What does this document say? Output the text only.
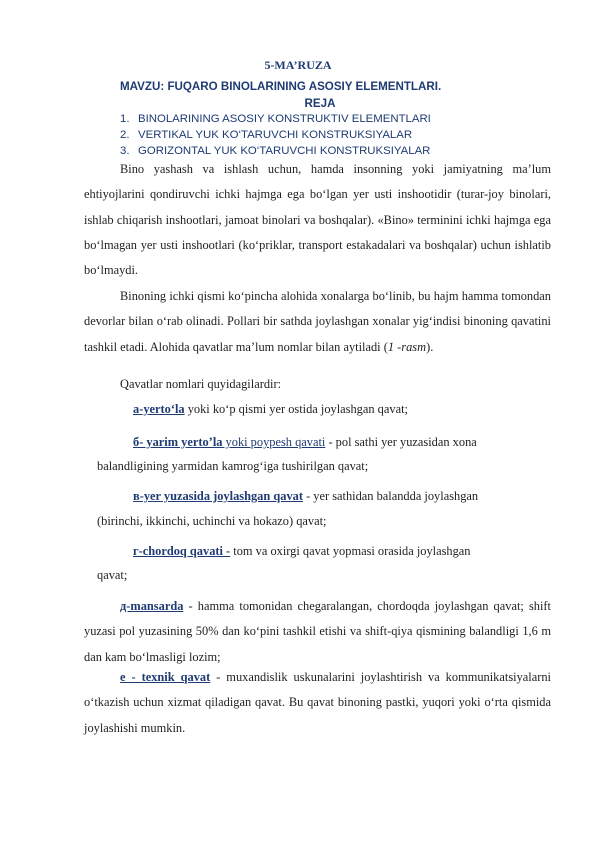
5-MA’RUZA
MAVZU: FUQARO BINOLARINING ASOSIY ELEMENTLARI.
REJA
1. BINOLARINING ASOSIY KONSTRUKTIV ELEMENTLARI
2. VERTIKAL YUK KO‘TARUVCHI KONSTRUKSIYALAR
3. GORIZONTAL YUK KO‘TARUVCHI KONSTRUKSIYALAR
Bino yashash va ishlash uchun, hamda insonning yoki jamiyatning ma’lum ehtiyojlarini qondiruvchi ichki hajmga ega bo‘lgan yer usti inshootidir (turar-joy binolari, ishlab chiqarish inshootlari, jamoat binolari va boshqalar). «Bino» terminini ichki hajmga ega bo‘lmagan yer usti inshootlari (ko‘priklar, transport estakadalari va boshqalar) uchun ishlatib bo‘lmaydi.
Binoning ichki qismi ko‘pincha alohida xonalarga bo‘linib, bu hajm hamma tomondan devorlar bilan o‘rab olinadi. Pollari bir sathda joylashgan xonalar yig‘indisi binoning qavatini tashkil etadi. Alohida qavatlar ma’lum nomlar bilan aytiladi (1 -rasm).
Qavatlar nomlari quyidagilardir:
a-yerto‘la yoki ko‘p qismi yer ostida joylashgan qavat;
б- yarim yerto’la yoki poypesh qavati - pol sathi yer yuzasidan xona
balandligining yarmidan kamrog‘iga tushirilgan qavat;
в-yer yuzasida joylashgan qavat - yer sathidan balandda joylashgan
(birinchi, ikkinchi, uchinchi va hokazo) qavat;
г-chordoq qavati - tom va oxirgi qavat yopmasi orasida joylashgan
qavat;
д-mansarda - hamma tomonidan chegaralangan, chordoqda joylashgan qavat; shift yuzasi pol yuzasining 50% dan ko‘pini tashkil etishi va shift-qiya qismining balandligi 1,6 m dan kam bo‘lmasligi lozim;
e - texnik qavat - muxandislik uskunalarini joylashtirish va kommunikatsiyalarni o‘tkazish uchun xizmat qiladigan qavat. Bu qavat binoning pastki, yuqori yoki o‘rta qismida joylashishi mumkin.
